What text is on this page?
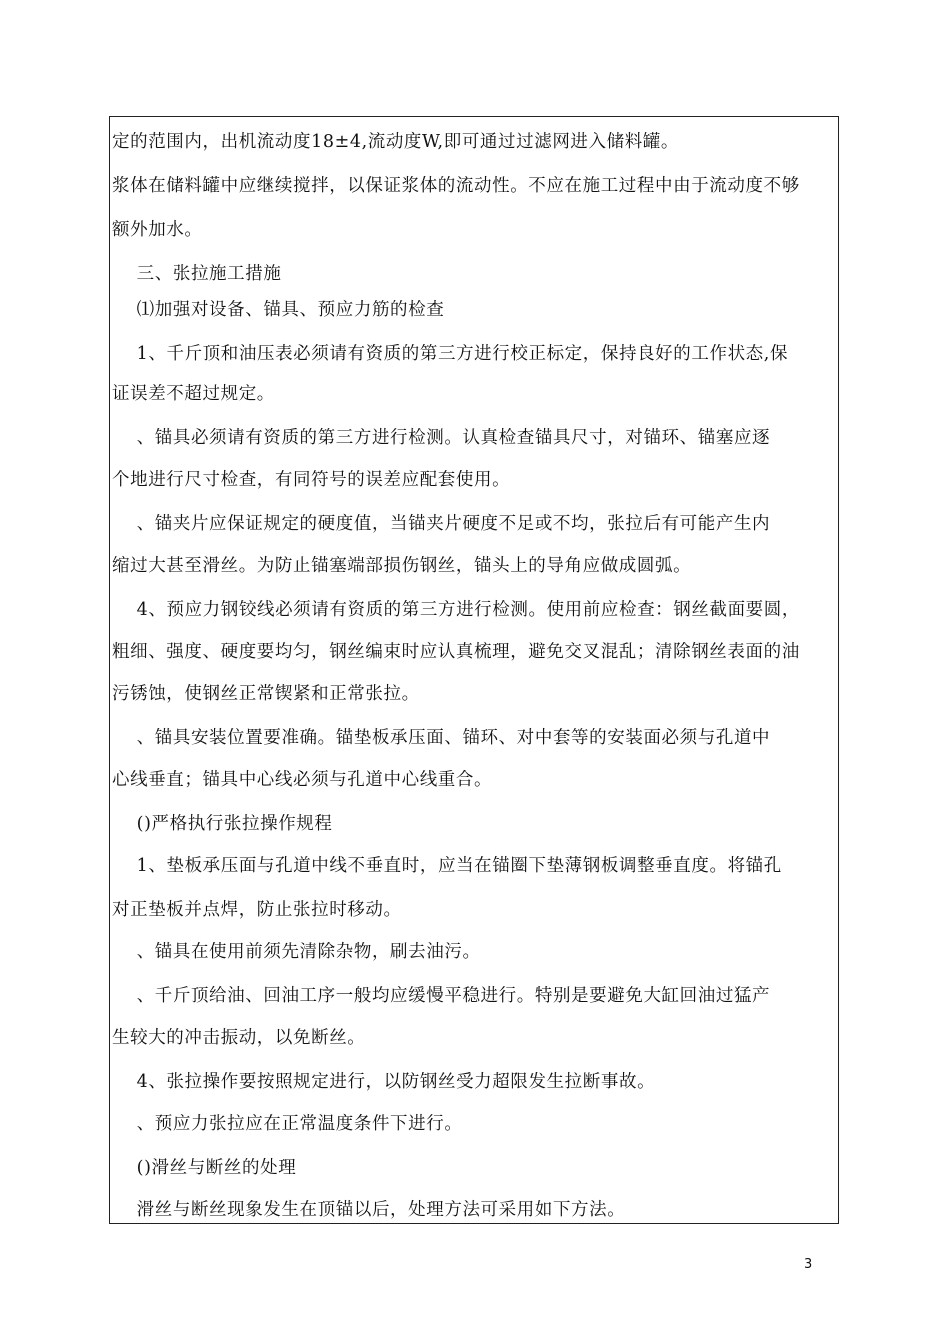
定的范围内，出机流动度18±4,流动度W,即可通过过滤网进入储料罐。
浆体在储料罐中应继续搅拌，以保证浆体的流动性。不应在施工过程中由于流动度不够
额外加水。
三、张拉施工措施
⑴加强对设备、锚具、预应力筋的检查
1、千斤顶和油压表必须请有资质的第三方进行校正标定，保持良好的工作状态,保
证误差不超过规定。
、锚具必须请有资质的第三方进行检测。认真检查锚具尺寸，对锚环、锚塞应逐
个地进行尺寸检查，有同符号的误差应配套使用。
、锚夹片应保证规定的硬度值，当锚夹片硬度不足或不均，张拉后有可能产生内
缩过大甚至滑丝。为防止锚塞端部损伤钢丝，锚头上的导角应做成圆弧。
4、预应力钢铰线必须请有资质的第三方进行检测。使用前应检查：钢丝截面要圆，
粗细、强度、硬度要均匀，钢丝编束时应认真梳理，避免交叉混乱；清除钢丝表面的油
污锈蚀，使钢丝正常锲紧和正常张拉。
、锚具安装位置要准确。锚垫板承压面、锚环、对中套等的安装面必须与孔道中
心线垂直；锚具中心线必须与孔道中心线重合。
()严格执行张拉操作规程
1、垫板承压面与孔道中线不垂直时，应当在锚圈下垫薄钢板调整垂直度。将锚孔
对正垫板并点焊，防止张拉时移动。
、锚具在使用前须先清除杂物，刷去油污。
、千斤顶给油、回油工序一般均应缓慢平稳进行。特别是要避免大缸回油过猛产
生较大的冲击振动，以免断丝。
4、张拉操作要按照规定进行，以防钢丝受力超限发生拉断事故。
、预应力张拉应在正常温度条件下进行。
()滑丝与断丝的处理
滑丝与断丝现象发生在顶锚以后，处理方法可采用如下方法。
3
